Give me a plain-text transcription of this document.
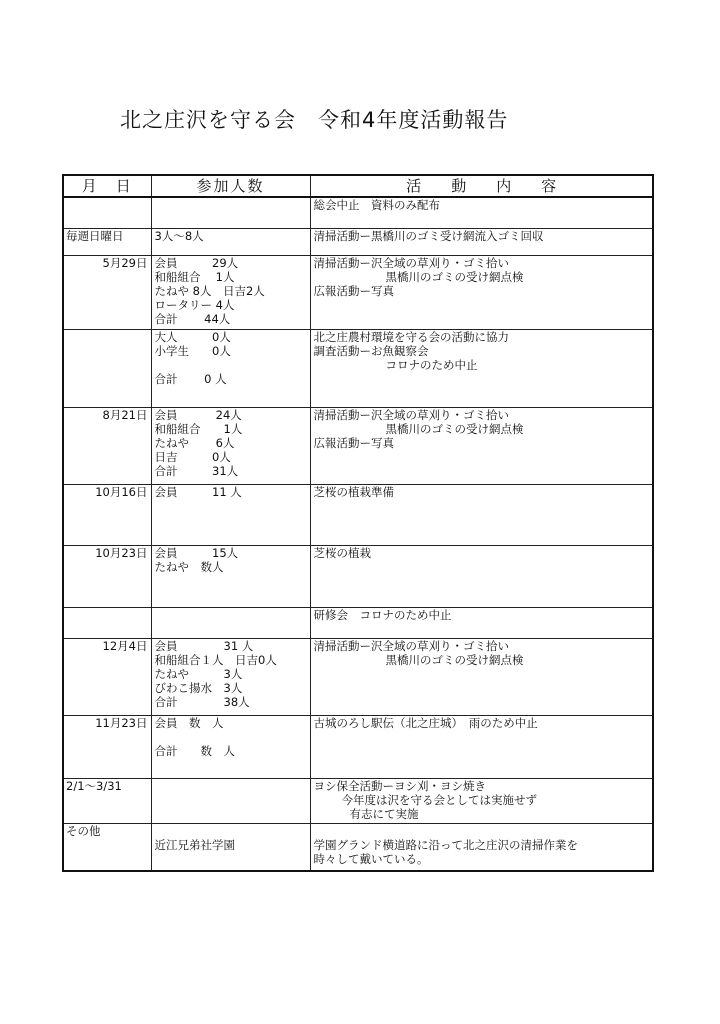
北之庄沢を守る会　令和4年度活動報告
月　日	参加人数	活動内容

		総会中止　資料のみ配布

毎週日曜日	3人～8人	清掃活動ー黒橋川のゴミ受け網流入ゴミ回収

5月29日	会員　　　29人
和船組合　 1人
たねや 8人　日吉2人
ロータリー 4人
合計　　 44人	清掃活動ー沢全域の草刈り・ゴミ拾い
黒橋川のゴミの受け網点検
広報活動ー写真

	大人　　　0人
小学生　　0人
合計　　 0 人	北之庄農村環境を守る会の活動に協力
調査活動ーお魚観察会
コロナのため中止

8月21日	会員　　　 24人
和船組合　　1人
たねや　　 6人
日吉　　　0人
合計　　　31人	清掃活動ー沢全域の草刈り・ゴミ拾い
黒橋川のゴミの受け網点検
広報活動ー写真

10月16日	会員　　　11 人	芝桜の植栽準備

10月23日	会員　　　15人
たねや　数人	芝桜の植栽

		研修会　コロナのため中止

12月4日	会員　　　　31 人
和船組合１人　日吉0人
たねや　　　3人
びわこ揚水　3人
合計　　　　38人	清掃活動ー沢全域の草刈り・ゴミ拾い
黒橋川のゴミの受け網点検

11月23日	会員　数　人
合計　　数　人	古城のろし駅伝（北之庄城）　雨のため中止

2/1～3/31		ヨシ保全活動ーヨシ刈・ヨシ焼き
今年度は沢を守る会としては実施せず
有志にて実施

その他	近江兄弟社学園	学園グランド横道路に沿って北之庄沢の清掃作業を
時々して戴いている。
